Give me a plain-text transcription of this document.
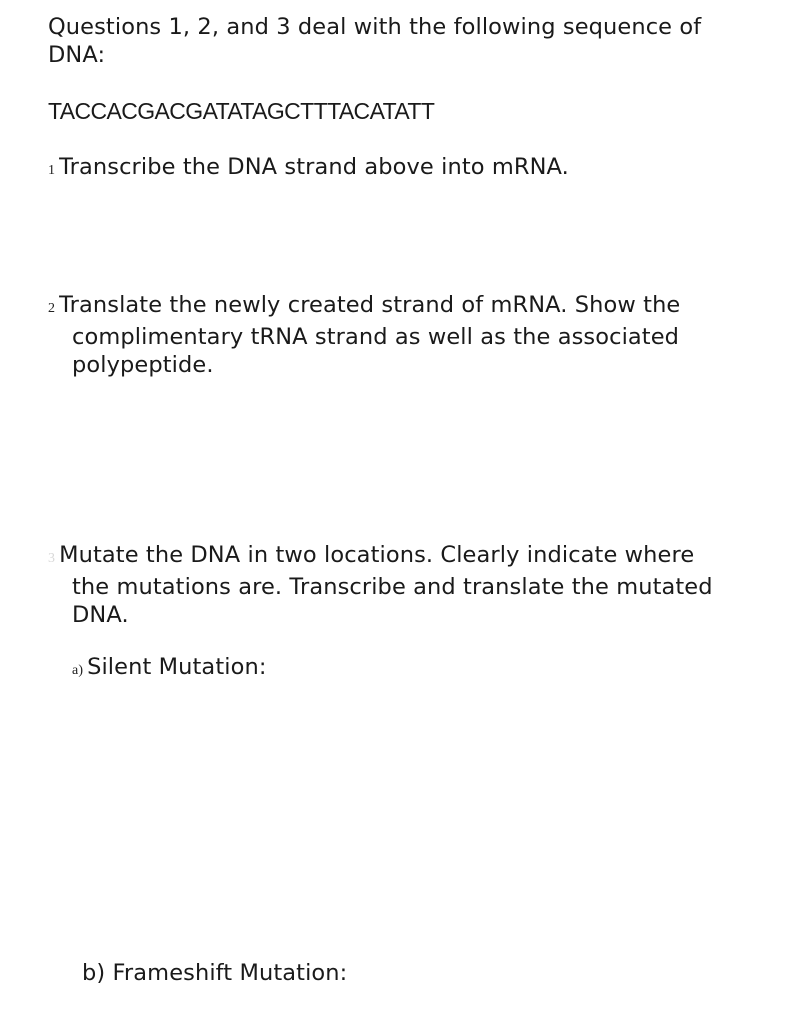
Questions 1, 2, and 3 deal with the following sequence of
DNA:
TACCACGACGATATAGCTTTACATATT
1 Transcribe the DNA strand above into mRNA.
2 Translate the newly created strand of mRNA. Show the
complimentary tRNA strand as well as the associated
polypeptide.
3 Mutate the DNA in two locations. Clearly indicate where
the mutations are. Transcribe and translate the mutated
DNA.
a) Silent Mutation:
b) Frameshift Mutation:
